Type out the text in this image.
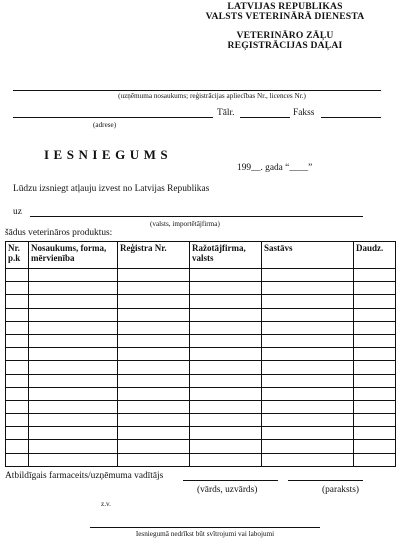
LATVIJAS REPUBLIKAS
VALSTS VETERINĀRĀ DIENESTA
VETERINĀRO ZĀĻU
REĢISTRĀCIJAS DAĻAI
(uzņēmuma nosaukums; reģistrācijas apliecības Nr., licences Nr.)
Tālr.	Fakss
(adrese)
IESNIEGUMS
199__. gada “____”
Lūdzu izsniegt atļauju izvest no Latvijas Republikas
uz
(valsts, importētājfirma)
šādus veterināros produktus:
Nr. p.k	Nosaukums, forma, mērvienība	Reģistra Nr.	Ražotājfirma, valsts	Sastāvs	Daudz.

Atbildīgais farmaceits/uzņēmuma vadītājs
(vārds, uzvārds)	(paraksts)
z.v.
Iesniegumā nedrīkst būt svītrojumi vai labojumi
